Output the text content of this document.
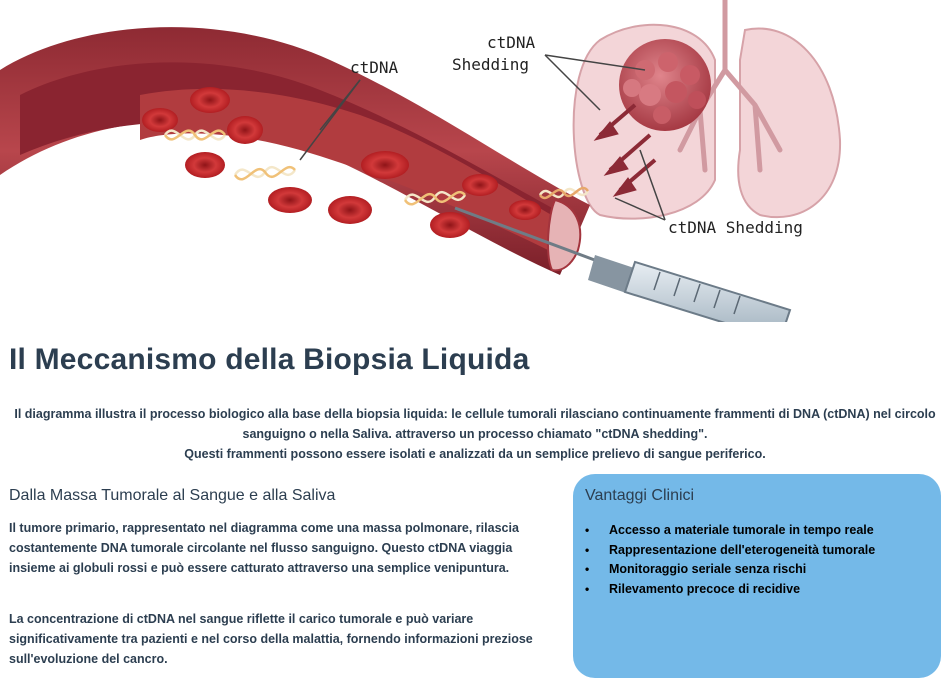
ctDNA
ctDNA
Shedding
ctDNA Shedding
Il Meccanismo della Biopsia Liquida

Il diagramma illustra il processo biologico alla base della biopsia liquida: le cellule tumorali rilasciano continuamente frammenti di DNA (ctDNA) nel circolo

sanguigno o nella Saliva. attraverso un processo chiamato "ctDNA shedding".

Questi frammenti possono essere isolati e analizzati da un semplice prelievo di sangue periferico.

Dalla Massa Tumorale al Sangue e alla Saliva
Il tumore primario, rappresentato nel diagramma come una massa polmonare, rilascia
costantemente DNA tumorale circolante nel flusso sanguigno. Questo ctDNA viaggia
insieme ai globuli rossi e può essere catturato attraverso una semplice venipuntura.
La concentrazione di ctDNA nel sangue riflette il carico tumorale e può variare
significativamente tra pazienti e nel corso della malattia, fornendo informazioni preziose
sull'evoluzione del cancro.
Vantaggi Clinici
• Accesso a materiale tumorale in tempo reale
• Rappresentazione dell'eterogeneità tumorale
• Monitoraggio seriale senza rischi
• Rilevamento precoce di recidive
